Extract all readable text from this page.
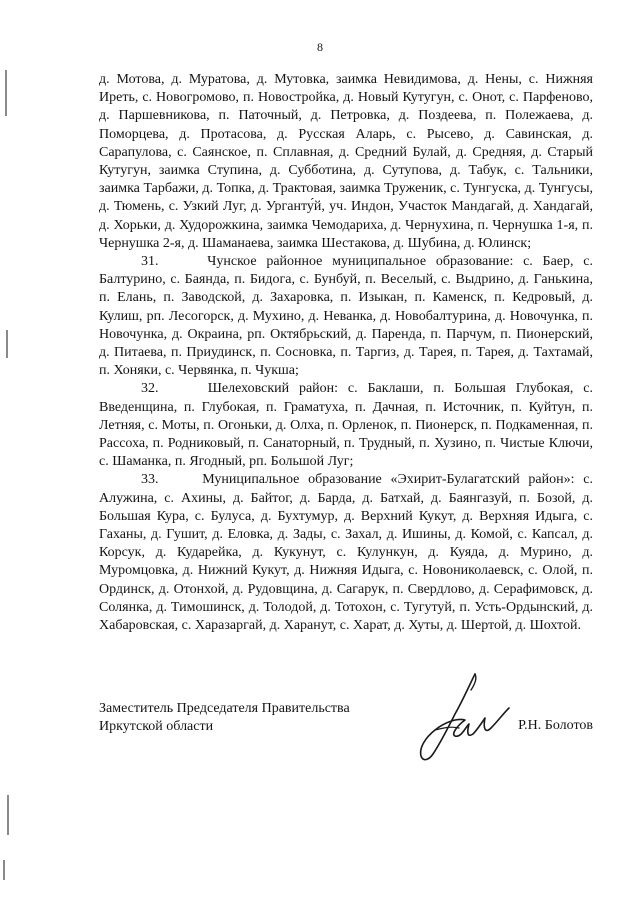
8

д. Мотова, д. Муратова, д. Мутовка, заимка Невидимова, д. Нены, с. Нижняя Иреть, с. Новогромово, п. Новостройка, д. Новый Кутугун, с. Онот, с. Парфеново, д. Паршевникова, п. Паточный, д. Петровка, д. Поздеева, п. Полежаева, д. Поморцева, д. Протасова, д. Русская Аларь, с. Рысево, д. Савинская, д. Сарапулова, с. Саянское, п. Сплавная, д. Средний Булай, д. Средняя, д. Старый Кутугун, заимка Ступина, д. Субботина, д. Сутупова, д. Табук, с. Тальники, заимка Тарбажи, д. Топка, д. Трактовая, заимка Труженик, с. Тунгуска, д. Тунгусы, д. Тюмень, с. Узкий Луг, д. Урганту́й, уч. Индон, Участок Мандагай, д. Хандагай, д. Хорьки, д. Худорожкина, заимка Чемодариха, д. Чернухина, п. Чернушка 1-я, п. Чернушка 2-я, д. Шаманаева, заимка Шестакова, д. Шубина, д. Юлинск;

31.     Чунское районное муниципальное образование: с. Баер, с. Балтурино, с. Баянда, п. Бидога, с. Бунбуй, п. Веселый, с. Выдрино, д. Ганькина, п. Елань, п. Заводской, д. Захаровка, п. Изыкан, п. Каменск, п. Кедровый, д. Кулиш, рп. Лесогорск, д. Мухино, д. Неванка, д. Новобалтурина, д. Новочунка, п. Новочунка, д. Окраина, рп. Октябрьский, д. Паренда, п. Парчум, п. Пионерский, д. Питаева, п. Приудинск, п. Сосновка, п. Таргиз, д. Тарея, п. Тарея, д. Тахтамай, п. Хоняки, с. Червянка, п. Чукша;

32.     Шелеховский район: с. Баклаши, п. Большая Глубокая, с. Введенщина, п. Глубокая, п. Граматуха, п. Дачная, п. Источник, п. Куйтун, п. Летняя, с. Моты, п. Огоньки, д. Олха, п. Орленок, п. Пионерск, п. Подкаменная, п. Рассоха, п. Родниковый, п. Санаторный, п. Трудный, п. Хузино, п. Чистые Ключи, с. Шаманка, п. Ягодный, рп. Большой Луг;

33.     Муниципальное образование «Эхирит-Булагатский район»: с. Алужина, с. Ахины, д. Байтог, д. Барда, д. Батхай, д. Баянгазуй, п. Бозой, д. Большая Кура, с. Булуса, д. Бухтумур, д. Верхний Кукут, д. Верхняя Идыга, с. Гаханы, д. Гушит, д. Еловка, д. Зады, с. Захал, д. Ишины, д. Комой, с. Капсал, д. Корсук, д. Кударейка, д. Кукунут, с. Кулункун, д. Куяда, д. Мурино, д. Муромцовка, д. Нижний Кукут, д. Нижняя Идыга, с. Новониколаевск, с. Олой, п. Ординск, д. Отонхой, д. Рудовщина, д. Сагарук, п. Свердлово, д. Серафимовск, д. Солянка, д. Тимошинск, д. Толодой, д. Тотохон, с. Тугутуй, п. Усть-Ордынский, д. Хабаровская, с. Харазаргай, д. Харанут, с. Харат, д. Хуты, д. Шертой, д. Шохтой.

Заместитель Председателя Правительства
Иркутской области	Р.Н. Болотов
